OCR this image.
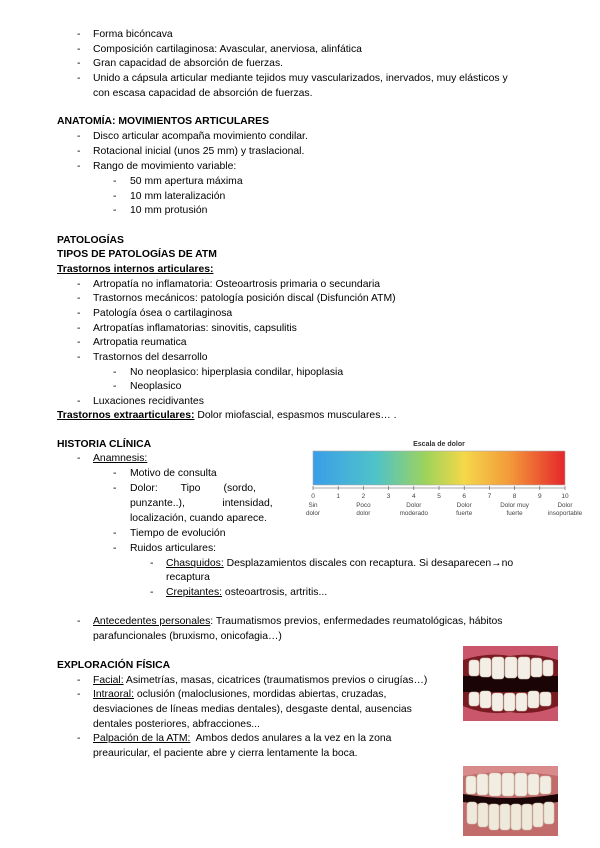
- Forma bicóncava
- Composición cartilaginosa: Avascular, anerviosa, alinfática
- Gran capacidad de absorción de fuerzas.
- Unido a cápsula articular mediante tejidos muy vascularizados, inervados, muy elásticos y
con escasa capacidad de absorción de fuerzas.
ANATOMÍA: MOVIMIENTOS ARTICULARES
- Disco articular acompaña movimiento condilar.
- Rotacional inicial (unos 25 mm) y traslacional.
- Rango de movimiento variable:
- 50 mm apertura máxima
- 10 mm lateralización
- 10 mm protusión
PATOLOGÍAS
TIPOS DE PATOLOGÍAS DE ATM
Trastornos internos articulares:
- Artropatía no inflamatoria: Osteoartrosis primaria o secundaria
- Trastornos mecánicos: patología posición discal (Disfunción ATM)
- Patología ósea o cartilaginosa
- Artropatías inflamatorias: sinovitis, capsulitis
- Artropatia reumatica
- Trastornos del desarrollo
- No neoplasico: hiperplasia condilar, hipoplasia
- Neoplasico
- Luxaciones recidivantes
Trastornos extraarticulares: Dolor miofascial, espasmos musculares… .
HISTORIA CLÍNICA
- Anamnesis:
- Motivo de consulta
- Dolor:        Tipo        (sordo,
punzante..),             intensidad,
localización, cuando aparece.
- Tiempo de evolución
- Ruidos articulares:
- Chasquidos: Desplazamientos discales con recaptura. Si desaparecen→no
recaptura
- Crepitantes: osteoartrosis, artritis...
- Antecedentes personales: Traumatismos previos, enfermedades reumatológicas, hábitos
parafuncionales (bruxismo, onicofagia…)
Escala de dolor
0	1	2	3	4	5	6	7	8	9	10
Sin
dolor
Poco
dolor
Dolor
moderado
Dolor
fuerte
Dolor muy
fuerte
Dolor
insoportable
EXPLORACIÓN FÍSICA
- Facial: Asimetrías, masas, cicatrices (traumatismos previos o cirugías…)
- Intraoral: oclusión (maloclusiones, mordidas abiertas, cruzadas,
desviaciones de líneas medias dentales), desgaste dental, ausencias
dentales posteriores, abfracciones...
- Palpación de la ATM:  Ambos dedos anulares a la vez en la zona
preauricular, el paciente abre y cierra lentamente la boca.
